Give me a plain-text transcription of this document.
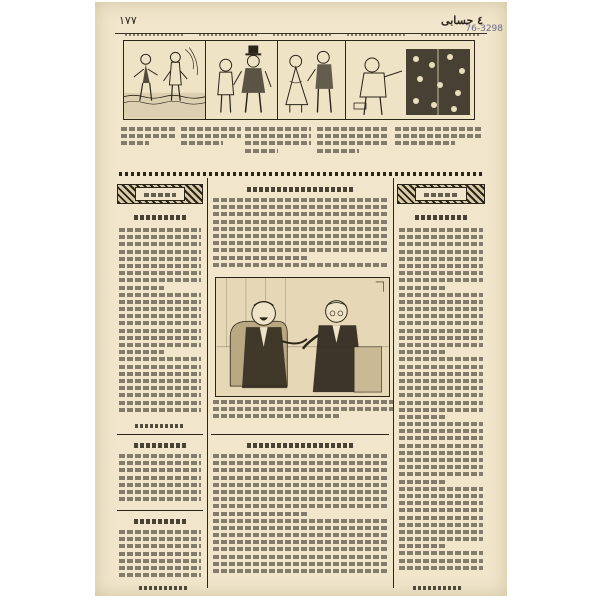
٤ حسابی
١٧٧
76-3298
